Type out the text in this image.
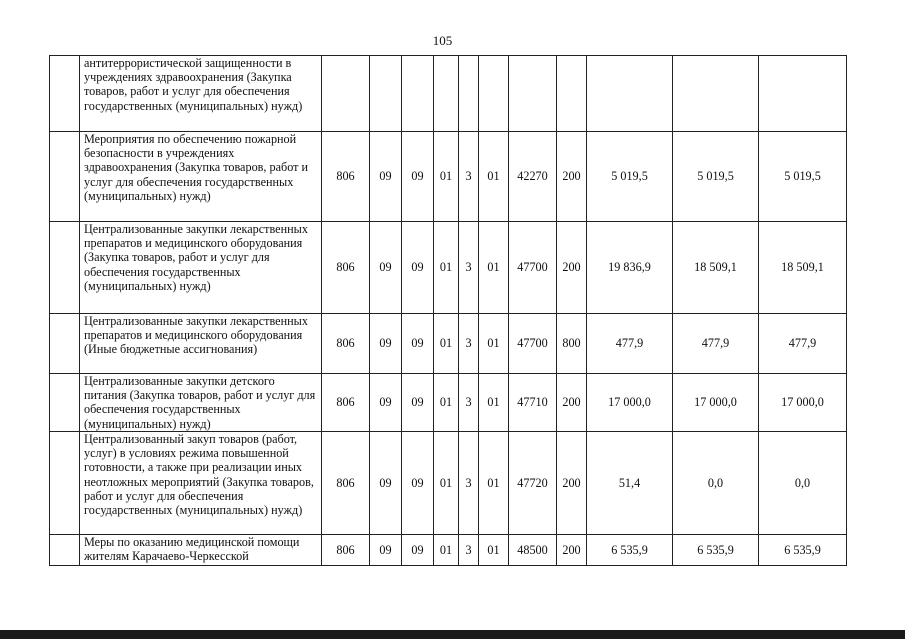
105
	антитеррористической защищенности в учреждениях здравоохранения (Закупка товаров, работ и услуг для обеспечения государственных (муниципальных) нужд)											
	Мероприятия по обеспечению пожарной безопасности в учреждениях здравоохранения (Закупка товаров, работ и услуг для обеспечения государственных (муниципальных) нужд)	806	09	09	01	3	01	42270	200	5 019,5	5 019,5	5 019,5
	Централизованные закупки лекарственных препаратов и медицинского оборудования (Закупка товаров, работ и услуг для обеспечения государственных (муниципальных) нужд)	806	09	09	01	3	01	47700	200	19 836,9	18 509,1	18 509,1
	Централизованные закупки лекарственных препаратов и медицинского оборудования (Иные бюджетные ассигнования)	806	09	09	01	3	01	47700	800	477,9	477,9	477,9
	Централизованные закупки детского питания (Закупка товаров, работ и услуг для обеспечения государственных (муниципальных) нужд)	806	09	09	01	3	01	47710	200	17 000,0	17 000,0	17 000,0
	Централизованный закуп товаров (работ, услуг) в условиях режима повышенной готовности, а также при реализации иных неотложных мероприятий (Закупка товаров, работ и услуг для обеспечения государственных (муниципальных) нужд)	806	09	09	01	3	01	47720	200	51,4	0,0	0,0
	Меры по оказанию медицинской помощи жителям Карачаево-Черкесской	806	09	09	01	3	01	48500	200	6 535,9	6 535,9	6 535,9
